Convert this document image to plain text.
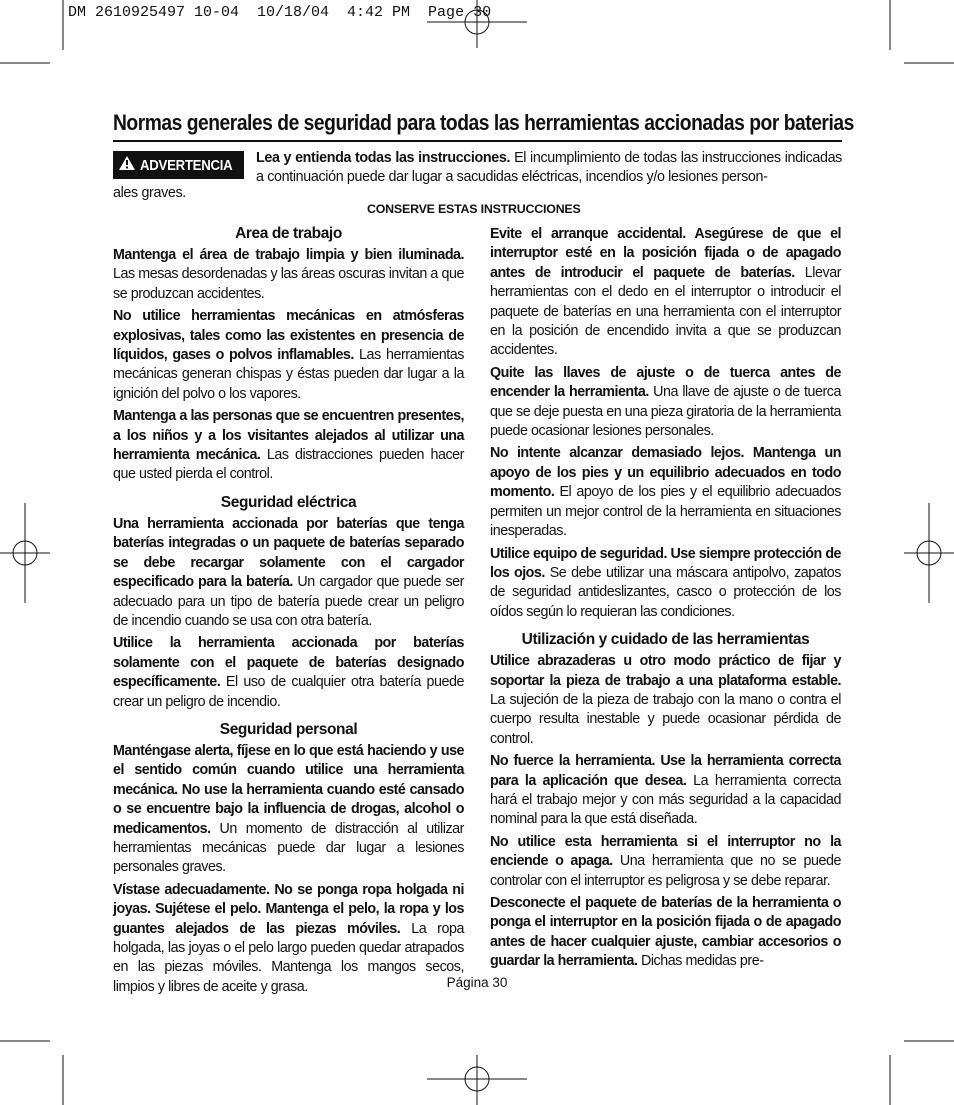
DM 2610925497 10-04  10/18/04  4:42 PM  Page 30
Normas generales de seguridad para todas las herramientas accionadas por baterias
ADVERTENCIA Lea y entienda todas las instrucciones. El incumplimiento de todas las instrucciones indicadas a continuación puede dar lugar a sacudidas eléctricas, incendios y/o lesiones person-
ales graves.
CONSERVE ESTAS INSTRUCCIONES
Area de trabajo

Mantenga el área de trabajo limpia y bien iluminada. Las mesas desordenadas y las áreas oscuras invitan a que se produzcan accidentes.

No utilice herramientas mecánicas en atmósferas explosivas, tales como las existentes en presencia de líquidos, gases o polvos inflamables. Las herramientas mecánicas generan chispas y éstas pueden dar lugar a la ignición del polvo o los vapores.

Mantenga a las personas que se encuentren presentes, a los niños y a los visitantes alejados al utilizar una herramienta mecánica. Las distracciones pueden hacer que usted pierda el control.

Seguridad eléctrica

Una herramienta accionada por baterías que tenga baterías integradas o un paquete de baterías separado se debe recargar solamente con el cargador especificado para la batería. Un cargador que puede ser adecuado para un tipo de batería puede crear un peligro de incendio cuando se usa con otra batería.

Utilice la herramienta accionada por baterías solamente con el paquete de baterías designado específicamente. El uso de cualquier otra batería puede crear un peligro de incendio.

Seguridad personal

Manténgase alerta, fíjese en lo que está haciendo y use el sentido común cuando utilice una herramienta mecánica. No use la herramienta cuando esté cansado o se encuentre bajo la influencia de drogas, alcohol o medicamentos. Un momento de distracción al utilizar herramientas mecánicas puede dar lugar a lesiones personales graves.

Vístase adecuadamente. No se ponga ropa holgada ni joyas. Sujétese el pelo. Mantenga el pelo, la ropa y los guantes alejados de las piezas móviles. La ropa holgada, las joyas o el pelo largo pueden quedar atrapados en las piezas móviles. Mantenga los mangos secos, limpios y libres de aceite y grasa.

Evite el arranque accidental. Asegúrese de que el interruptor esté en la posición fijada o de apagado antes de introducir el paquete de baterías. Llevar herramientas con el dedo en el interruptor o introducir el paquete de baterías en una herramienta con el interruptor en la posición de encendido invita a que se produzcan accidentes.

Quite las llaves de ajuste o de tuerca antes de encender la herramienta. Una llave de ajuste o de tuerca que se deje puesta en una pieza giratoria de la herramienta puede ocasionar lesiones personales.

No intente alcanzar demasiado lejos. Mantenga un apoyo de los pies y un equilibrio adecuados en todo momento. El apoyo de los pies y el equilibrio adecuados permiten un mejor control de la herramienta en situaciones inesperadas.

Utilice equipo de seguridad. Use siempre protección de los ojos. Se debe utilizar una máscara antipolvo, zapatos de seguridad antideslizantes, casco o protección de los oídos según lo requieran las condiciones.

Utilización y cuidado de las herramientas

Utilice abrazaderas u otro modo práctico de fijar y soportar la pieza de trabajo a una plataforma estable. La sujeción de la pieza de trabajo con la mano o contra el cuerpo resulta inestable y puede ocasionar pérdida de control.

No fuerce la herramienta. Use la herramienta correcta para la aplicación que desea. La herramienta correcta hará el trabajo mejor y con más seguridad a la capacidad nominal para la que está diseñada.

No utilice esta herramienta si el interruptor no la enciende o apaga. Una herramienta que no se puede controlar con el interruptor es peligrosa y se debe reparar.

Desconecte el paquete de baterías de la herramienta o ponga el interruptor en la posición fijada o de apagado antes de hacer cualquier ajuste, cambiar accesorios o guardar la herramienta. Dichas medidas pre-

Página 30
